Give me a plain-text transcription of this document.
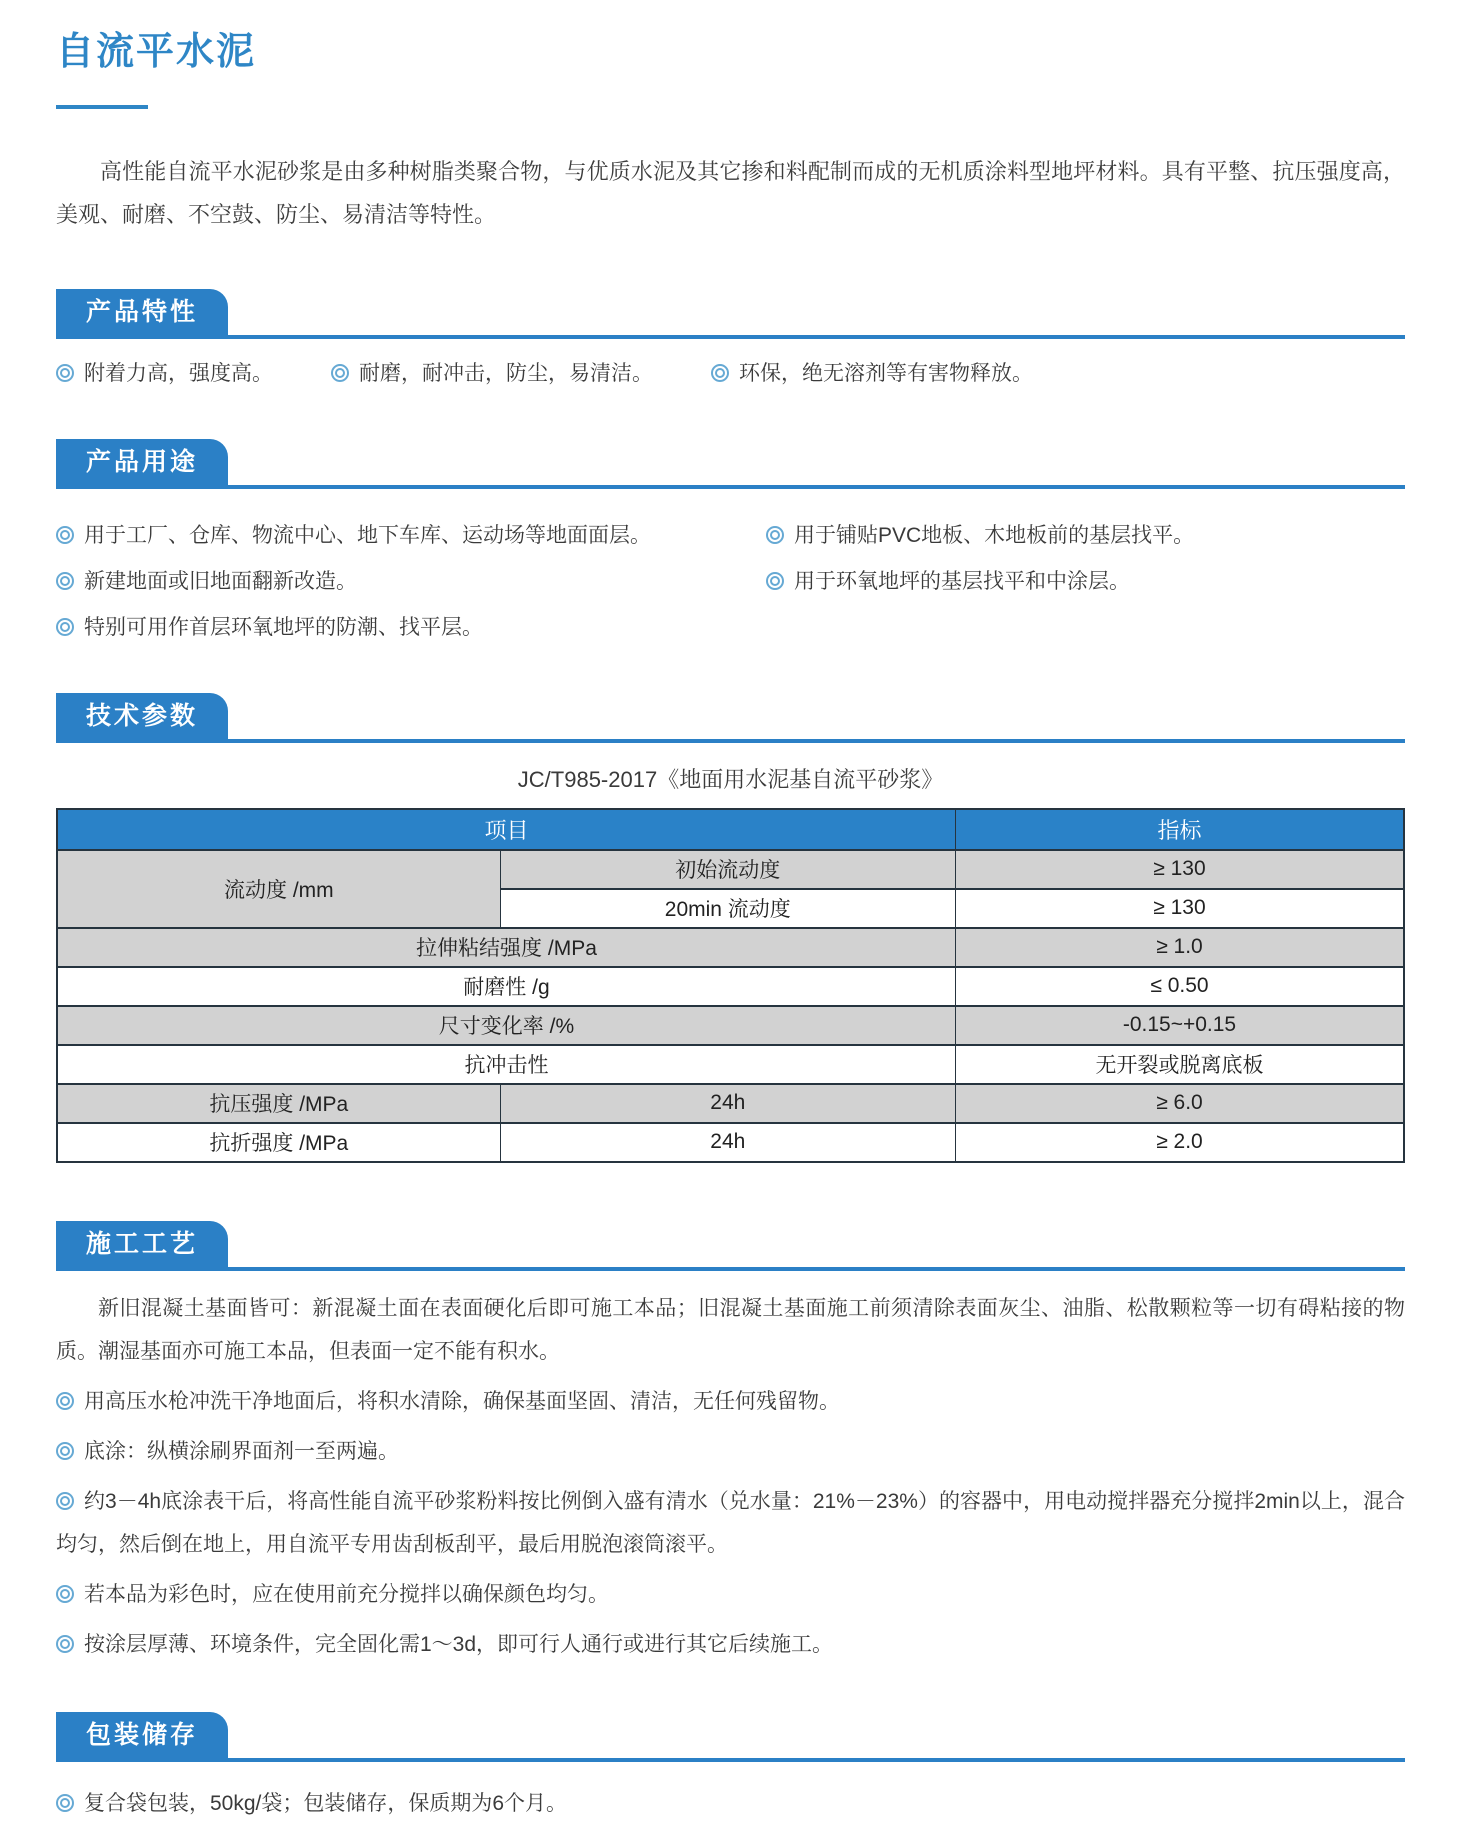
自流平水泥

高性能自流平水泥砂浆是由多种树脂类聚合物，与优质水泥及其它掺和料配制而成的无机质涂料型地坪材料。具有平整、抗压强度高，美观、耐磨、不空鼓、防尘、易清洁等特性。

产品特性
附着力高，强度高。	耐磨，耐冲击，防尘，易清洁。	环保，绝无溶剂等有害物释放。
产品用途
用于工厂、仓库、物流中心、地下车库、运动场等地面面层。
新建地面或旧地面翻新改造。
特别可用作首层环氧地坪的防潮、找平层。
用于铺贴PVC地板、木地板前的基层找平。
用于环氧地坪的基层找平和中涂层。
技术参数

JC/T985-2017《地面用水泥基自流平砂浆》

项目		指标
流动度 /mm	初始流动度	≥ 130
	20min 流动度	≥ 130
拉伸粘结强度 /MPa		≥ 1.0
耐磨性 /g		≤ 0.50
尺寸变化率 /%		-0.15~+0.15
抗冲击性		无开裂或脱离底板
抗压强度 /MPa	24h	≥ 6.0
抗折强度 /MPa	24h	≥ 2.0
施工工艺

新旧混凝土基面皆可：新混凝土面在表面硬化后即可施工本品；旧混凝土基面施工前须清除表面灰尘、油脂、松散颗粒等一切有碍粘接的物质。潮湿基面亦可施工本品，但表面一定不能有积水。

用高压水枪冲洗干净地面后，将积水清除，确保基面坚固、清洁，无任何残留物。

底涂：纵横涂刷界面剂一至两遍。

约3－4h底涂表干后，将高性能自流平砂浆粉料按比例倒入盛有清水（兑水量：21%－23%）的容器中，用电动搅拌器充分搅拌2min以上，混合均匀，然后倒在地上，用自流平专用齿刮板刮平，最后用脱泡滚筒滚平。

若本品为彩色时，应在使用前充分搅拌以确保颜色均匀。

按涂层厚薄、环境条件，完全固化需1～3d，即可行人通行或进行其它后续施工。

包装储存

复合袋包装，50kg/袋；包装储存，保质期为6个月。
